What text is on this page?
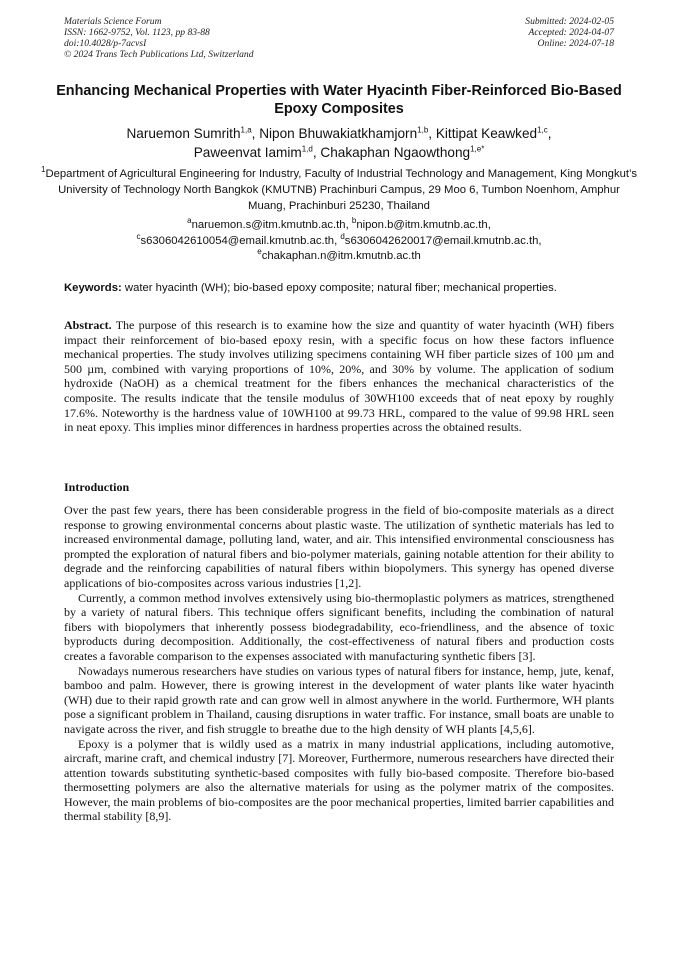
Materials Science Forum
ISSN: 1662-9752, Vol. 1123, pp 83-88
doi:10.4028/p-7acvsI
© 2024 Trans Tech Publications Ltd, Switzerland
Submitted: 2024-02-05
Accepted: 2024-04-07
Online: 2024-07-18
Enhancing Mechanical Properties with Water Hyacinth Fiber-Reinforced Bio-Based Epoxy Composites
Naruemon Sumrith$^{1,a}$, Nipon Bhuwakiatkhamjorn$^{1,b}$, Kittipat Keawked$^{1,c}$,
Paweenvat Iamim$^{1,d}$, Chakaphan Ngaowthong$^{1,e*}$
$^1$Department of Agricultural Engineering for Industry, Faculty of Industrial Technology and Management, King Mongkut’s University of Technology North Bangkok (KMUTNB) Prachinburi Campus, 29 Moo 6, Tumbon Noenhom, Amphur Muang, Prachinburi 25230, Thailand
$^a$naruemon.s@itm.kmutnb.ac.th, $^b$nipon.b@itm.kmutnb.ac.th,
$^c$s6306042610054@email.kmutnb.ac.th, $^d$s6306042620017@email.kmutnb.ac.th,
$^e$chakaphan.n@itm.kmutnb.ac.th
Keywords: water hyacinth (WH); bio-based epoxy composite; natural fiber; mechanical properties.

Abstract. The purpose of this research is to examine how the size and quantity of water hyacinth (WH) fibers impact their reinforcement of bio-based epoxy resin, with a specific focus on how these factors influence mechanical properties. The study involves utilizing specimens containing WH fiber particle sizes of 100 µm and 500 µm, combined with varying proportions of 10%, 20%, and 30% by volume. The application of sodium hydroxide (NaOH) as a chemical treatment for the fibers enhances the mechanical characteristics of the composite. The results indicate that the tensile modulus of 30WH100 exceeds that of neat epoxy by roughly 17.6%. Noteworthy is the hardness value of 10WH100 at 99.73 HRL, compared to the value of 99.98 HRL seen in neat epoxy. This implies minor differences in hardness properties across the obtained results.

Introduction

Over the past few years, there has been considerable progress in the field of bio-composite materials as a direct response to growing environmental concerns about plastic waste. The utilization of synthetic materials has led to increased environmental damage, polluting land, water, and air. This intensified environmental consciousness has prompted the exploration of natural fibers and bio-polymer materials, gaining notable attention for their ability to degrade and the reinforcing capabilities of natural fibers within biopolymers. This synergy has opened diverse applications of bio-composites across various industries [1,2].

Currently, a common method involves extensively using bio-thermoplastic polymers as matrices, strengthened by a variety of natural fibers. This technique offers significant benefits, including the combination of natural fibers with biopolymers that inherently possess biodegradability, eco-friendliness, and the absence of toxic byproducts during decomposition. Additionally, the cost-effectiveness of natural fibers and production costs creates a favorable comparison to the expenses associated with manufacturing synthetic fibers [3].

Nowadays numerous researchers have studies on various types of natural fibers for instance, hemp, jute, kenaf, bamboo and palm. However, there is growing interest in the development of water plants like water hyacinth (WH) due to their rapid growth rate and can grow well in almost anywhere in the world. Furthermore, WH plants pose a significant problem in Thailand, causing disruptions in water traffic. For instance, small boats are unable to navigate across the river, and fish struggle to breathe due to the high density of WH plants [4,5,6].

Epoxy is a polymer that is wildly used as a matrix in many industrial applications, including automotive, aircraft, marine craft, and chemical industry [7]. Moreover, Furthermore, numerous researchers have directed their attention towards substituting synthetic-based composites with fully bio-based composite. Therefore bio-based thermosetting polymers are also the alternative materials for using as the polymer matrix of the composites. However, the main problems of bio-composites are the poor mechanical properties, limited barrier capabilities and thermal stability [8,9].
